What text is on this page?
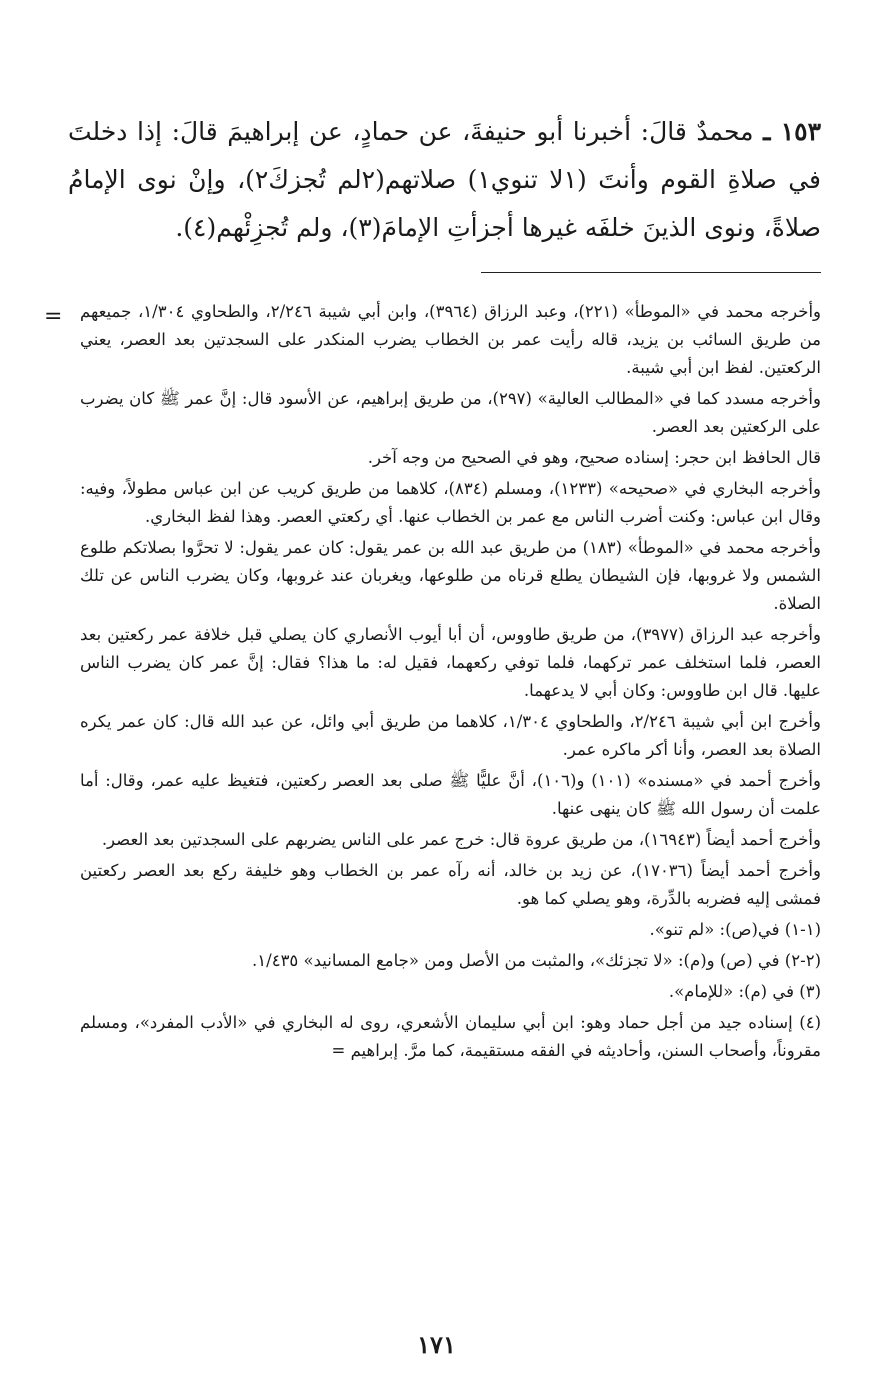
١٥٣ ـ محمدٌ قالَ: أخبرنا أبو حنيفةَ، عن حمادٍ، عن إبراهيمَ قالَ: إذا دخلتَ في صلاةِ القوم وأنتَ (١لا تنوي١) صلاتهم(٢لم تُجزكَ٢)، وإنْ نوى الإمامُ صلاةً، ونوى الذينَ خلفَه غيرها أجزأتِ الإمامَ(٣)، ولم تُجزِئْهم(٤).

= وأخرجه محمد في «الموطأ» (٢٢١)، وعبد الرزاق (٣٩٦٤)، وابن أبي شيبة ٢/٢٤٦، والطحاوي ١/٣٠٤، جميعهم من طريق السائب بن يزيد، قاله رأيت عمر بن الخطاب يضرب المنكدر على السجدتين بعد العصر، يعني الركعتين. لفظ ابن أبي شيبة.

وأخرجه مسدد كما في «المطالب العالية» (٢٩٧)، من طريق إبراهيم، عن الأسود قال: إنَّ عمر ﷺ كان يضرب على الركعتين بعد العصر.

قال الحافظ ابن حجر: إسناده صحيح، وهو في الصحيح من وجه آخر.

وأخرجه البخاري في «صحيحه» (١٢٣٣)، ومسلم (٨٣٤)، كلاهما من طريق كريب عن ابن عباس مطولاً، وفيه: وقال ابن عباس: وكنت أضرب الناس مع عمر بن الخطاب عنها. أي ركعتي العصر. وهذا لفظ البخاري.

وأخرجه محمد في «الموطأ» (١٨٣) من طريق عبد الله بن عمر يقول: كان عمر يقول: لا تحرَّوا بصلاتكم طلوع الشمس ولا غروبها، فإن الشيطان يطلع قرناه من طلوعها، ويغربان عند غروبها، وكان يضرب الناس عن تلك الصلاة.

وأخرجه عبد الرزاق (٣٩٧٧)، من طريق طاووس، أن أبا أيوب الأنصاري كان يصلي قبل خلافة عمر ركعتين بعد العصر، فلما استخلف عمر تركهما، فلما توفي ركعهما، فقيل له: ما هذا؟ فقال: إنَّ عمر كان يضرب الناس عليها. قال ابن طاووس: وكان أبي لا يدعهما.

وأخرج ابن أبي شيبة ٢/٢٤٦، والطحاوي ١/٣٠٤، كلاهما من طريق أبي وائل، عن عبد الله قال: كان عمر يكره الصلاة بعد العصر، وأنا أكر ماكره عمر.

وأخرج أحمد في «مسنده» (١٠١) و(١٠٦)، أنَّ عليًّا ﷺ صلى بعد العصر ركعتين، فتغيظ عليه عمر، وقال: أما علمت أن رسول الله ﷺ كان ينهى عنها.

وأخرج أحمد أيضاً (١٦٩٤٣)، من طريق عروة قال: خرج عمر على الناس يضربهم على السجدتين بعد العصر.

وأخرج أحمد أيضاً (١٧٠٣٦)، عن زيد بن خالد، أنه رآه عمر بن الخطاب وهو خليفة ركع بعد العصر ركعتين فمشى إليه فضربه بالدِّرة، وهو يصلي كما هو.

(١-١) في(ص): «لم تنو».

(٢-٢) في (ص) و(م): «لا تجزئك»، والمثبت من الأصل ومن «جامع المسانيد» ١/٤٣٥.

(٣) في (م): «للإمام».

(٤) إسناده جيد من أجل حماد وهو: ابن أبي سليمان الأشعري، روى له البخاري في «الأدب المفرد»، ومسلم مقروناً، وأصحاب السنن، وأحاديثه في الفقه مستقيمة، كما مرَّ. إبراهيم =

١٧١
